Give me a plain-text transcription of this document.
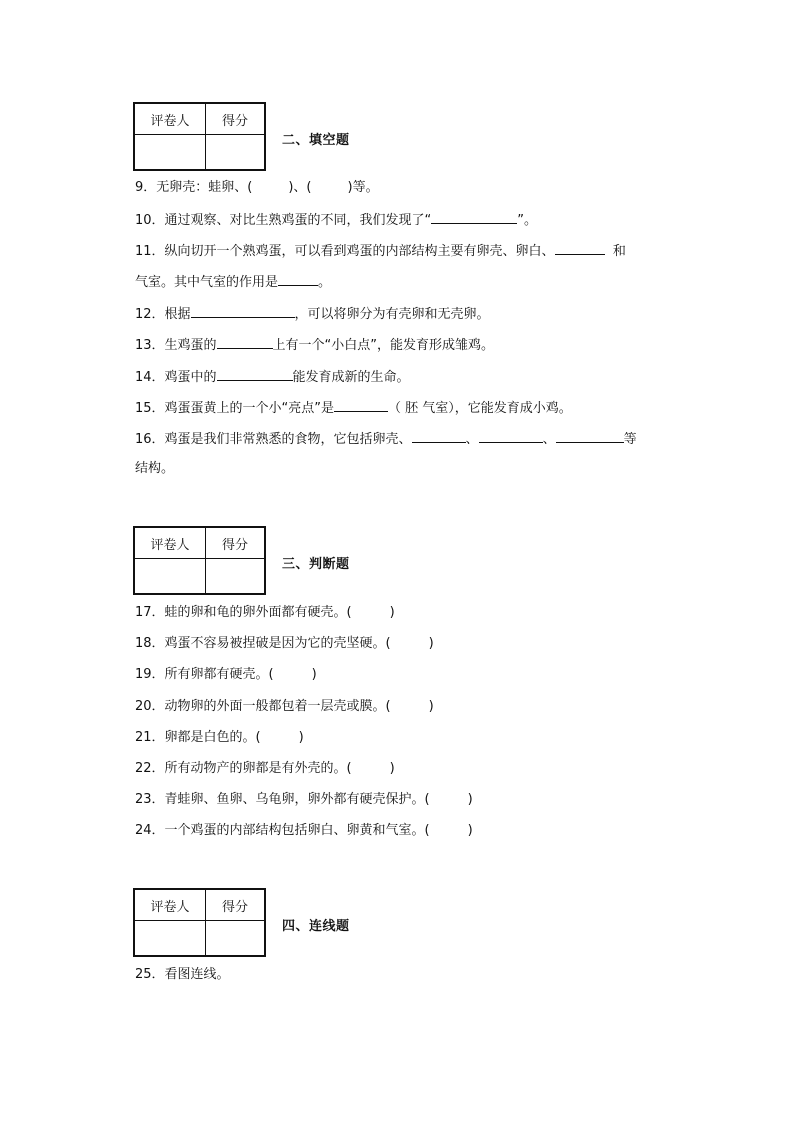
评卷人	得分

二、填空题
9．无卵壳：蛙卵、(	)、(	)等。
10．通过观察、对比生熟鸡蛋的不同，我们发现了“	”。
11．纵向切开一个熟鸡蛋，可以看到鸡蛋的内部结构主要有卵壳、卵白、	和
气室。其中气室的作用是	。
12．根据	，可以将卵分为有壳卵和无壳卵。
13．生鸡蛋的	上有一个“小白点”，能发育形成雏鸡。
14．鸡蛋中的	能发育成新的生命。
15．鸡蛋蛋黄上的一个小“亮点”是	（ 胚 气室），它能发育成小鸡。
16．鸡蛋是我们非常熟悉的食物，它包括卵壳、	、	、	等
结构。
评卷人	得分

三、判断题
17．蛙的卵和龟的卵外面都有硬壳。(	)
18．鸡蛋不容易被捏破是因为它的壳坚硬。(	)
19．所有卵都有硬壳。(	)
20．动物卵的外面一般都包着一层壳或膜。(	)
21．卵都是白色的。(	)
22．所有动物产的卵都是有外壳的。(	)
23．青蛙卵、鱼卵、乌龟卵，卵外都有硬壳保护。(	)
24．一个鸡蛋的内部结构包括卵白、卵黄和气室。(	)
评卷人	得分

四、连线题
25．看图连线。
